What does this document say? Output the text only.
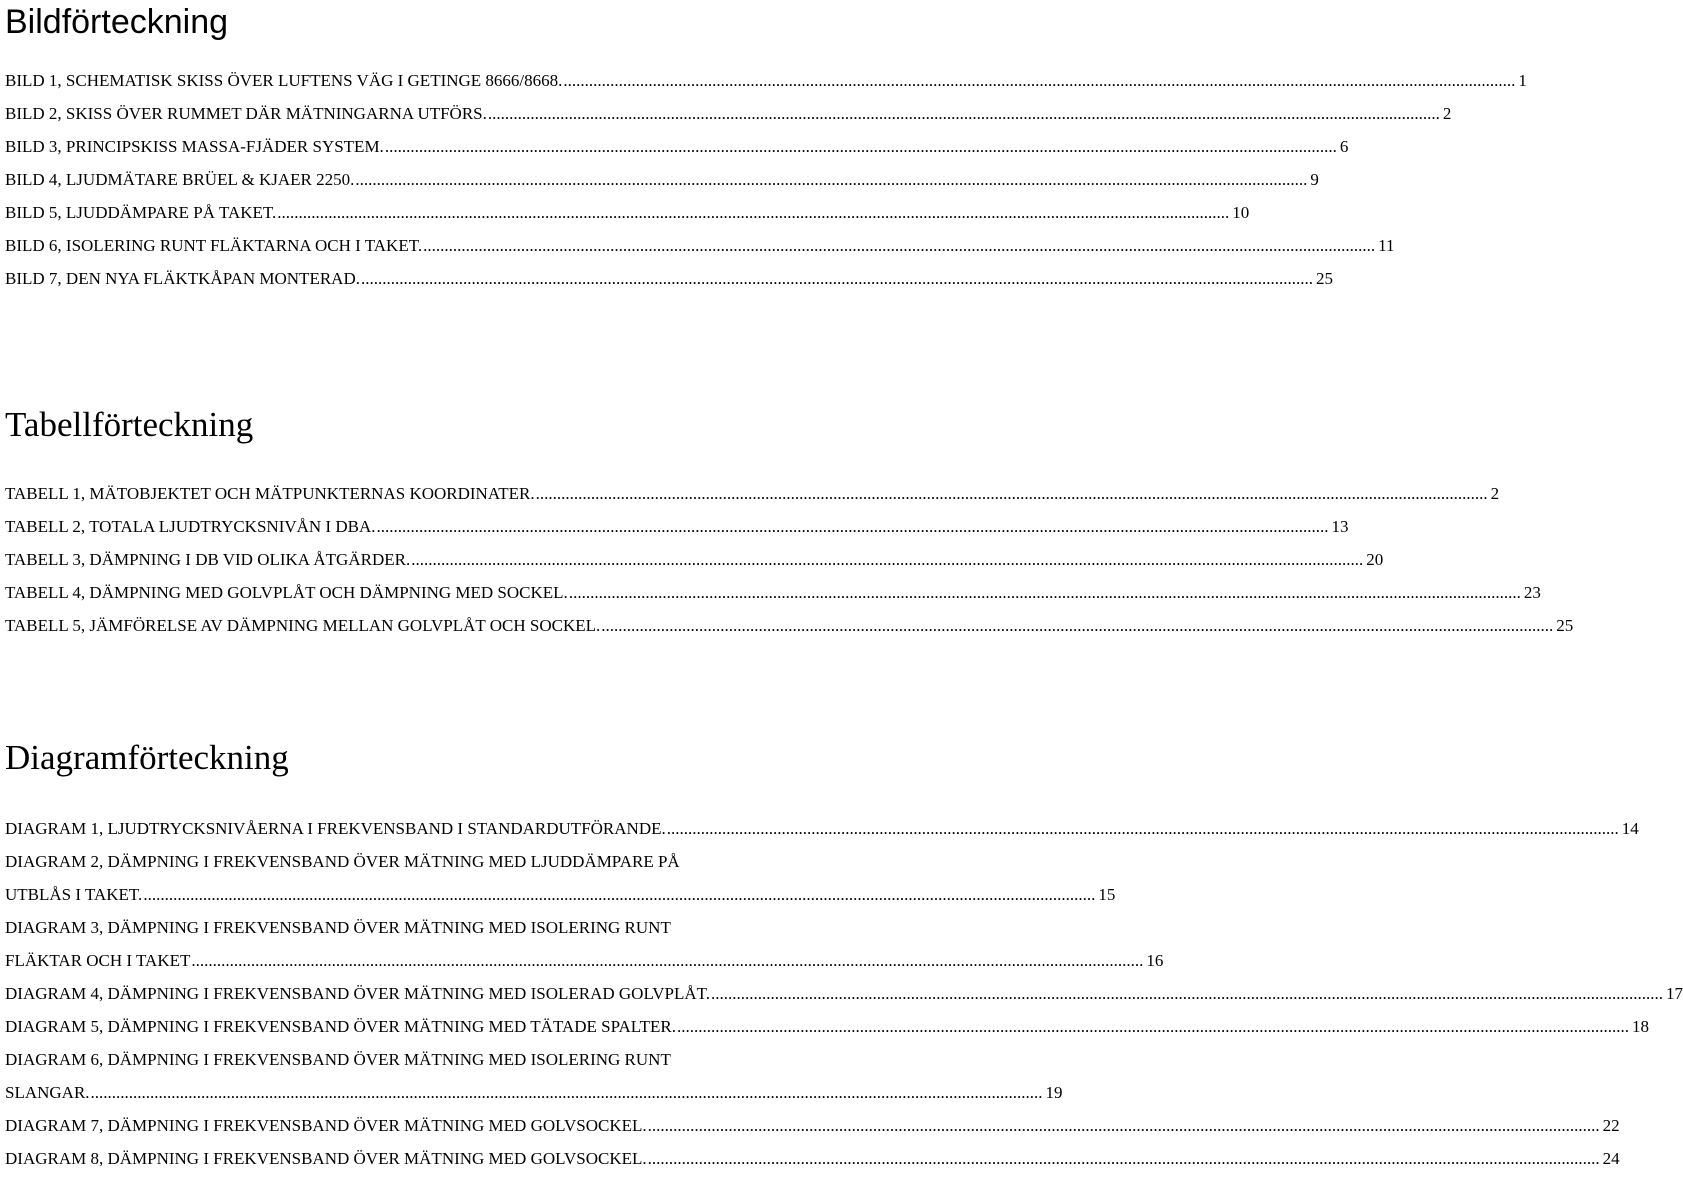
Bildförteckning
BILD 1, SCHEMATISK SKISS ÖVER LUFTENS VÄG I GETINGE 8666/8668. .....	1
BILD 2, SKISS ÖVER RUMMET DÄR MÄTNINGARNA UTFÖRS. .....	2
BILD 3, PRINCIPSKISS MASSA-FJÄDER SYSTEM. .....	6
BILD 4, LJUDMÄTARE BRÜEL & KJAER 2250. .....	9
BILD 5, LJUDDÄMPARE PÅ TAKET. .....	10
BILD 6, ISOLERING RUNT FLÄKTARNA OCH I TAKET. .....	11
BILD 7, DEN NYA FLÄKTKÅPAN MONTERAD. .....	25
Tabellförteckning
TABELL 1, MÄTOBJEKTET OCH MÄTPUNKTERNAS KOORDINATER. .....	2
TABELL 2, TOTALA LJUDTRYCKSNIVÅN I DBA. .....	13
TABELL 3, DÄMPNING I DB VID OLIKA ÅTGÄRDER. .....	20
TABELL 4, DÄMPNING MED GOLVPLÅT OCH DÄMPNING MED SOCKEL. .....	23
TABELL 5, JÄMFÖRELSE AV DÄMPNING MELLAN GOLVPLÅT OCH SOCKEL. .....	25
Diagramförteckning
DIAGRAM 1, LJUDTRYCKSNIVÅERNA I FREKVENSBAND I STANDARDUTFÖRANDE. .....	14
DIAGRAM 2, DÄMPNING I FREKVENSBAND ÖVER MÄTNING MED LJUDDÄMPARE PÅ
UTBLÅS I TAKET. .....	15
DIAGRAM 3, DÄMPNING I FREKVENSBAND ÖVER MÄTNING MED ISOLERING RUNT
FLÄKTAR OCH I TAKET .....	16
DIAGRAM 4, DÄMPNING I FREKVENSBAND ÖVER MÄTNING MED ISOLERAD GOLVPLÅT. .....	17
DIAGRAM 5, DÄMPNING I FREKVENSBAND ÖVER MÄTNING MED TÄTADE SPALTER. .....	18
DIAGRAM 6, DÄMPNING I FREKVENSBAND ÖVER MÄTNING MED ISOLERING RUNT
SLANGAR. .....	19
DIAGRAM 7, DÄMPNING I FREKVENSBAND ÖVER MÄTNING MED GOLVSOCKEL. .....	22
DIAGRAM 8, DÄMPNING I FREKVENSBAND ÖVER MÄTNING MED GOLVSOCKEL. .....	24
